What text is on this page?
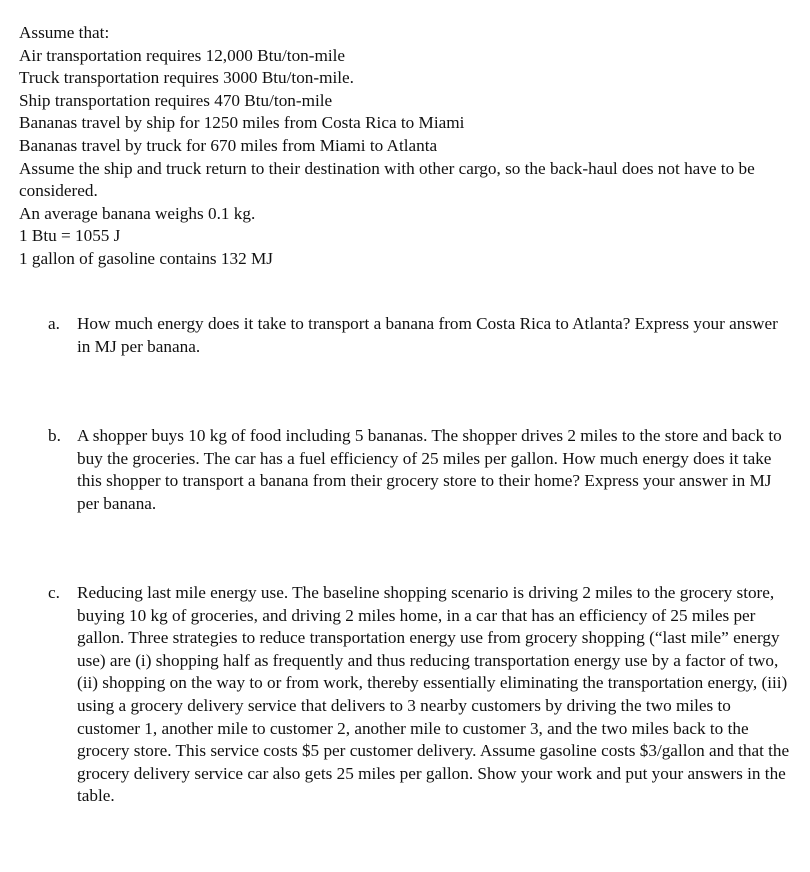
Assume that:
Air transportation requires 12,000 Btu/ton-mile
Truck transportation requires 3000 Btu/ton-mile.
Ship transportation requires 470 Btu/ton-mile
Bananas travel by ship for 1250 miles from Costa Rica to Miami
Bananas travel by truck for 670 miles from Miami to Atlanta
Assume the ship and truck return to their destination with other cargo, so the back-haul does not have to be considered.
An average banana weighs 0.1 kg.
1 Btu = 1055 J
1 gallon of gasoline contains 132 MJ
a. How much energy does it take to transport a banana from Costa Rica to Atlanta? Express your answer in MJ per banana.
b. A shopper buys 10 kg of food including 5 bananas. The shopper drives 2 miles to the store and back to buy the groceries. The car has a fuel efficiency of 25 miles per gallon. How much energy does it take this shopper to transport a banana from their grocery store to their home? Express your answer in MJ per banana.
c. Reducing last mile energy use. The baseline shopping scenario is driving 2 miles to the grocery store, buying 10 kg of groceries, and driving 2 miles home, in a car that has an efficiency of 25 miles per gallon. Three strategies to reduce transportation energy use from grocery shopping (“last mile” energy use) are (i) shopping half as frequently and thus reducing transportation energy use by a factor of two, (ii) shopping on the way to or from work, thereby essentially eliminating the transportation energy, (iii) using a grocery delivery service that delivers to 3 nearby customers by driving the two miles to customer 1, another mile to customer 2, another mile to customer 3, and the two miles back to the grocery store. This service costs $5 per customer delivery. Assume gasoline costs $3/gallon and that the grocery delivery service car also gets 25 miles per gallon. Show your work and put your answers in the table.
